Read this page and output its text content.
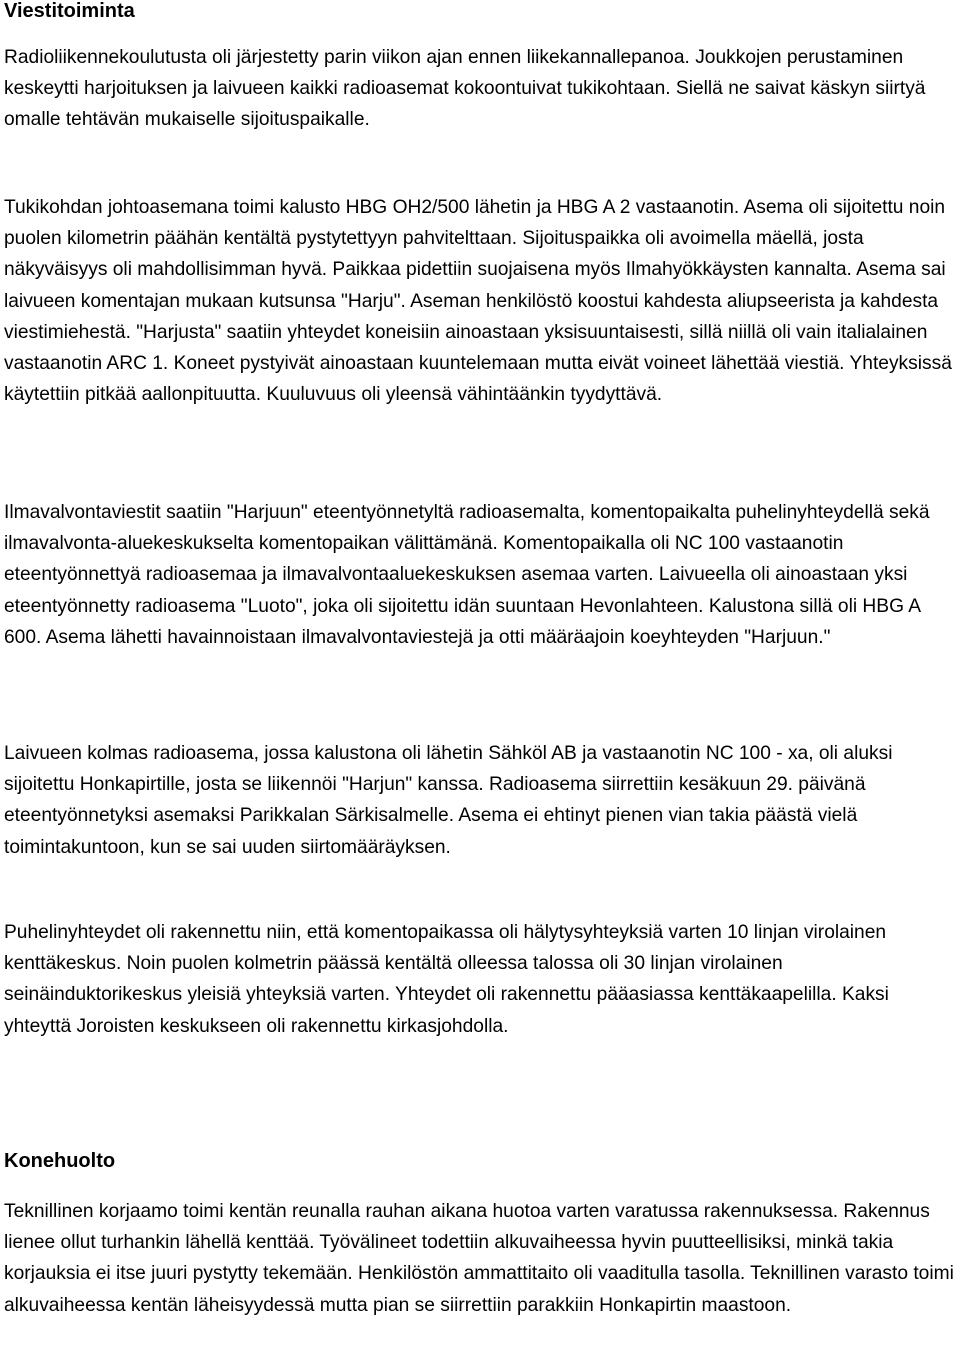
Viestitoiminta

Radioliikennekoulutusta oli järjestetty parin viikon ajan ennen liikekannallepanoa. Joukkojen perustaminen keskeytti harjoituksen ja laivueen kaikki radioasemat kokoontuivat tukikohtaan. Siellä ne saivat käskyn siirtyä omalle tehtävän mukaiselle sijoituspaikalle.

Tukikohdan johtoasemana toimi kalusto HBG OH2/500 lähetin ja HBG A 2 vastaanotin. Asema oli sijoitettu noin puolen kilometrin päähän kentältä pystytettyyn pahvitelttaan. Sijoituspaikka oli avoimella mäellä, josta näkyväisyys oli mahdollisimman hyvä. Paikkaa pidettiin suojaisena myös Ilmahyökkäysten kannalta. Asema sai laivueen komentajan mukaan kutsunsa "Harju". Aseman henkilöstö koostui kahdesta aliupseerista ja kahdesta viestimiehestä. "Harjusta" saatiin yhteydet koneisiin ainoastaan yksisuuntaisesti, sillä niillä oli vain italialainen vastaanotin ARC 1. Koneet pystyivät ainoastaan kuuntelemaan mutta eivät voineet lähettää viestiä. Yhteyksissä käytettiin pitkää aallonpituutta. Kuuluvuus oli yleensä vähintäänkin tyydyttävä.

Ilmavalvontaviestit saatiin "Harjuun" eteentyönnetyltä radioasemalta, komentopaikalta puhelinyhteydellä sekä ilmavalvonta-aluekeskukselta komentopaikan välittämänä. Komentopaikalla oli NC 100 vastaanotin eteentyönnettyä radioasemaa ja ilmavalvontaaluekeskuksen asemaa varten. Laivueella oli ainoastaan yksi eteentyönnetty radioasema "Luoto", joka oli sijoitettu idän suuntaan Hevonlahteen. Kalustona sillä oli HBG A 600. Asema lähetti havainnoistaan ilmavalvontaviestejä ja otti määräajoin koeyhteyden "Harjuun."

Laivueen kolmas radioasema, jossa kalustona oli lähetin Sähköl AB ja vastaanotin NC 100 - xa, oli aluksi sijoitettu Honkapirtille, josta se liikennöi "Harjun" kanssa. Radioasema siirrettiin kesäkuun 29. päivänä eteentyönnetyksi asemaksi Parikkalan Särkisalmelle. Asema ei ehtinyt pienen vian takia päästä vielä toimintakuntoon, kun se sai uuden siirtomääräyksen.

Puhelinyhteydet oli rakennettu niin, että komentopaikassa oli hälytysyhteyksiä varten 10 linjan virolainen kenttäkeskus. Noin puolen kolmetrin päässä kentältä olleessa talossa oli 30 linjan virolainen seinäinduktorikeskus yleisiä yhteyksiä varten. Yhteydet oli rakennettu pääasiassa kenttäkaapelilla. Kaksi yhteyttä Joroisten keskukseen oli rakennettu kirkasjohdolla.

Konehuolto

Teknillinen korjaamo toimi kentän reunalla rauhan aikana huotoa varten varatussa rakennuksessa. Rakennus lienee ollut turhankin lähellä kenttää. Työvälineet todettiin alkuvaiheessa hyvin puutteellisiksi, minkä takia korjauksia ei itse juuri pystytty tekemään. Henkilöstön ammattitaito oli vaaditulla tasolla. Teknillinen varasto toimi alkuvaiheessa kentän läheisyydessä mutta pian se siirrettiin parakkiin Honkapirtin maastoon.
